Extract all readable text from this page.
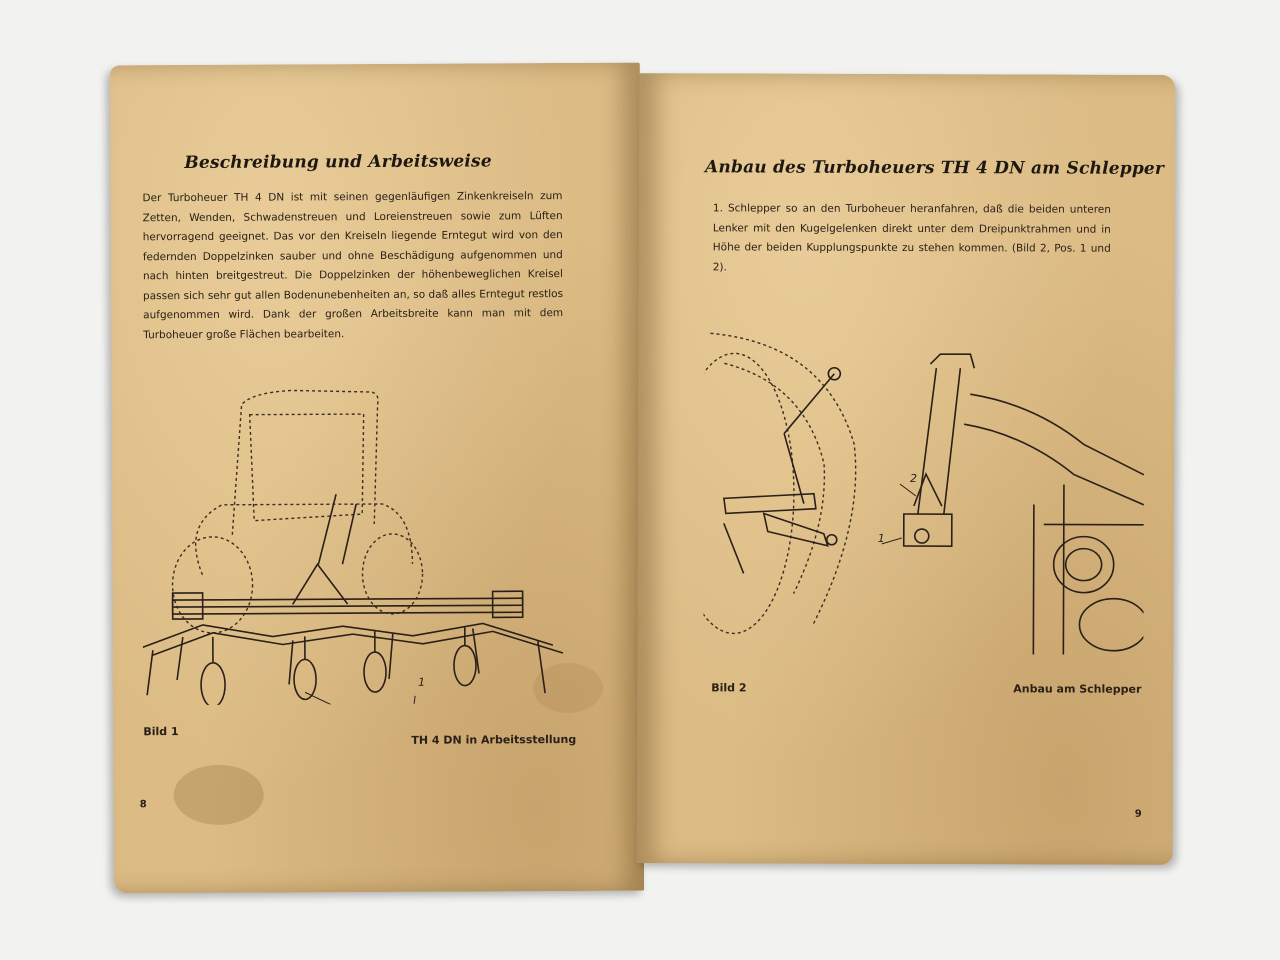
Beschreibung und Arbeitsweise
Der Turboheuer TH 4 DN ist mit seinen gegenläufigen Zinkenkreiseln zum Zetten, Wenden, Schwadenstreuen und Loreienstreuen sowie zum Lüften hervorragend geeignet. Das vor den Kreiseln liegende Erntegut wird von den federnden Doppelzinken sauber und ohne Beschädigung aufgenommen und nach hinten breitgestreut. Die Doppelzinken der höhenbeweglichen Kreisel passen sich sehr gut allen Bodenunebenheiten an, so daß alles Erntegut restlos aufgenommen wird. Dank der großen Arbeitsbreite kann man mit dem Turboheuer große Flächen bearbeiten.
1
Bild 1
TH 4 DN in Arbeitsstellung
8
Anbau des Turboheuers TH 4 DN am Schlepper
1. Schlepper so an den Turboheuer heranfahren, daß die beiden unteren Lenker mit den Kugelgelenken direkt unter dem Dreipunktrahmen und in Höhe der beiden Kupplungspunkte zu stehen kommen. (Bild 2, Pos. 1 und 2).
1
2
Bild 2	Anbau am Schlepper
9
